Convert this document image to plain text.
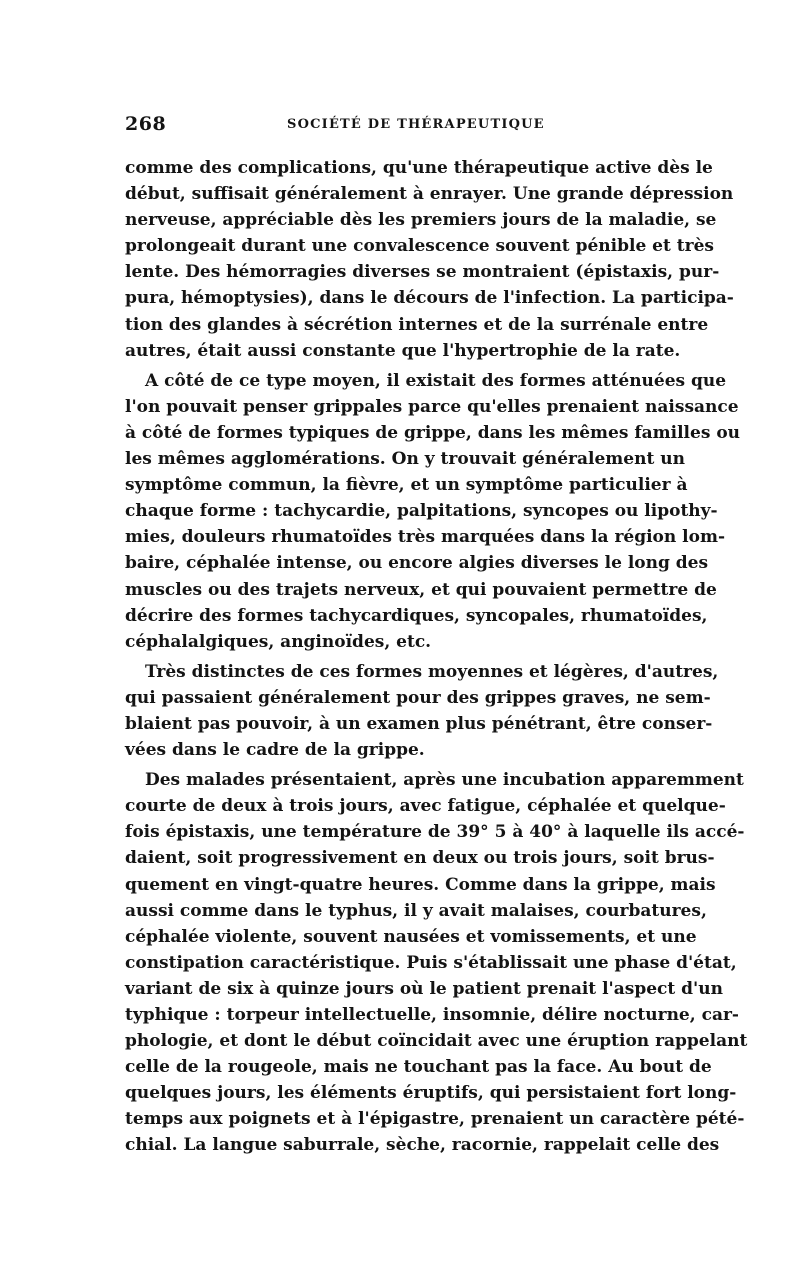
268	SOCIÉTÉ DE THÉRAPEUTIQUE
comme des complications, qu'une thérapeutique active dès le
début, suffisait généralement à enrayer. Une grande dépression
nerveuse, appréciable dès les premiers jours de la maladie, se
prolongeait durant une convalescence souvent pénible et très
lente. Des hémorragies diverses se montraient (épistaxis, pur-
pura, hémoptysies), dans le décours de l'infection. La participa-
tion des glandes à sécrétion internes et de la surrénale entre
autres, était aussi constante que l'hypertrophie de la rate.
A côté de ce type moyen, il existait des formes atténuées que
l'on pouvait penser grippales parce qu'elles prenaient naissance
à côté de formes typiques de grippe, dans les mêmes familles ou
les mêmes agglomérations. On y trouvait généralement un
symptôme commun, la fièvre, et un symptôme particulier à
chaque forme : tachycardie, palpitations, syncopes ou lipothy-
mies, douleurs rhumatoïdes très marquées dans la région lom-
baire, céphalée intense, ou encore algies diverses le long des
muscles ou des trajets nerveux, et qui pouvaient permettre de
décrire des formes tachycardiques, syncopales, rhumatoïdes,
céphalalgiques, anginoïdes, etc.
Très distinctes de ces formes moyennes et légères, d'autres,
qui passaient généralement pour des grippes graves, ne sem-
blaient pas pouvoir, à un examen plus pénétrant, être conser-
vées dans le cadre de la grippe.
Des malades présentaient, après une incubation apparemment
courte de deux à trois jours, avec fatigue, céphalée et quelque-
fois épistaxis, une température de 39° 5 à 40° à laquelle ils accé-
daient, soit progressivement en deux ou trois jours, soit brus-
quement en vingt-quatre heures. Comme dans la grippe, mais
aussi comme dans le typhus, il y avait malaises, courbatures,
céphalée violente, souvent nausées et vomissements, et une
constipation caractéristique. Puis s'établissait une phase d'état,
variant de six à quinze jours où le patient prenait l'aspect d'un
typhique : torpeur intellectuelle, insomnie, délire nocturne, car-
phologie, et dont le début coïncidait avec une éruption rappelant
celle de la rougeole, mais ne touchant pas la face. Au bout de
quelques jours, les éléments éruptifs, qui persistaient fort long-
temps aux poignets et à l'épigastre, prenaient un caractère pété-
chial. La langue saburrale, sèche, racornie, rappelait celle des
